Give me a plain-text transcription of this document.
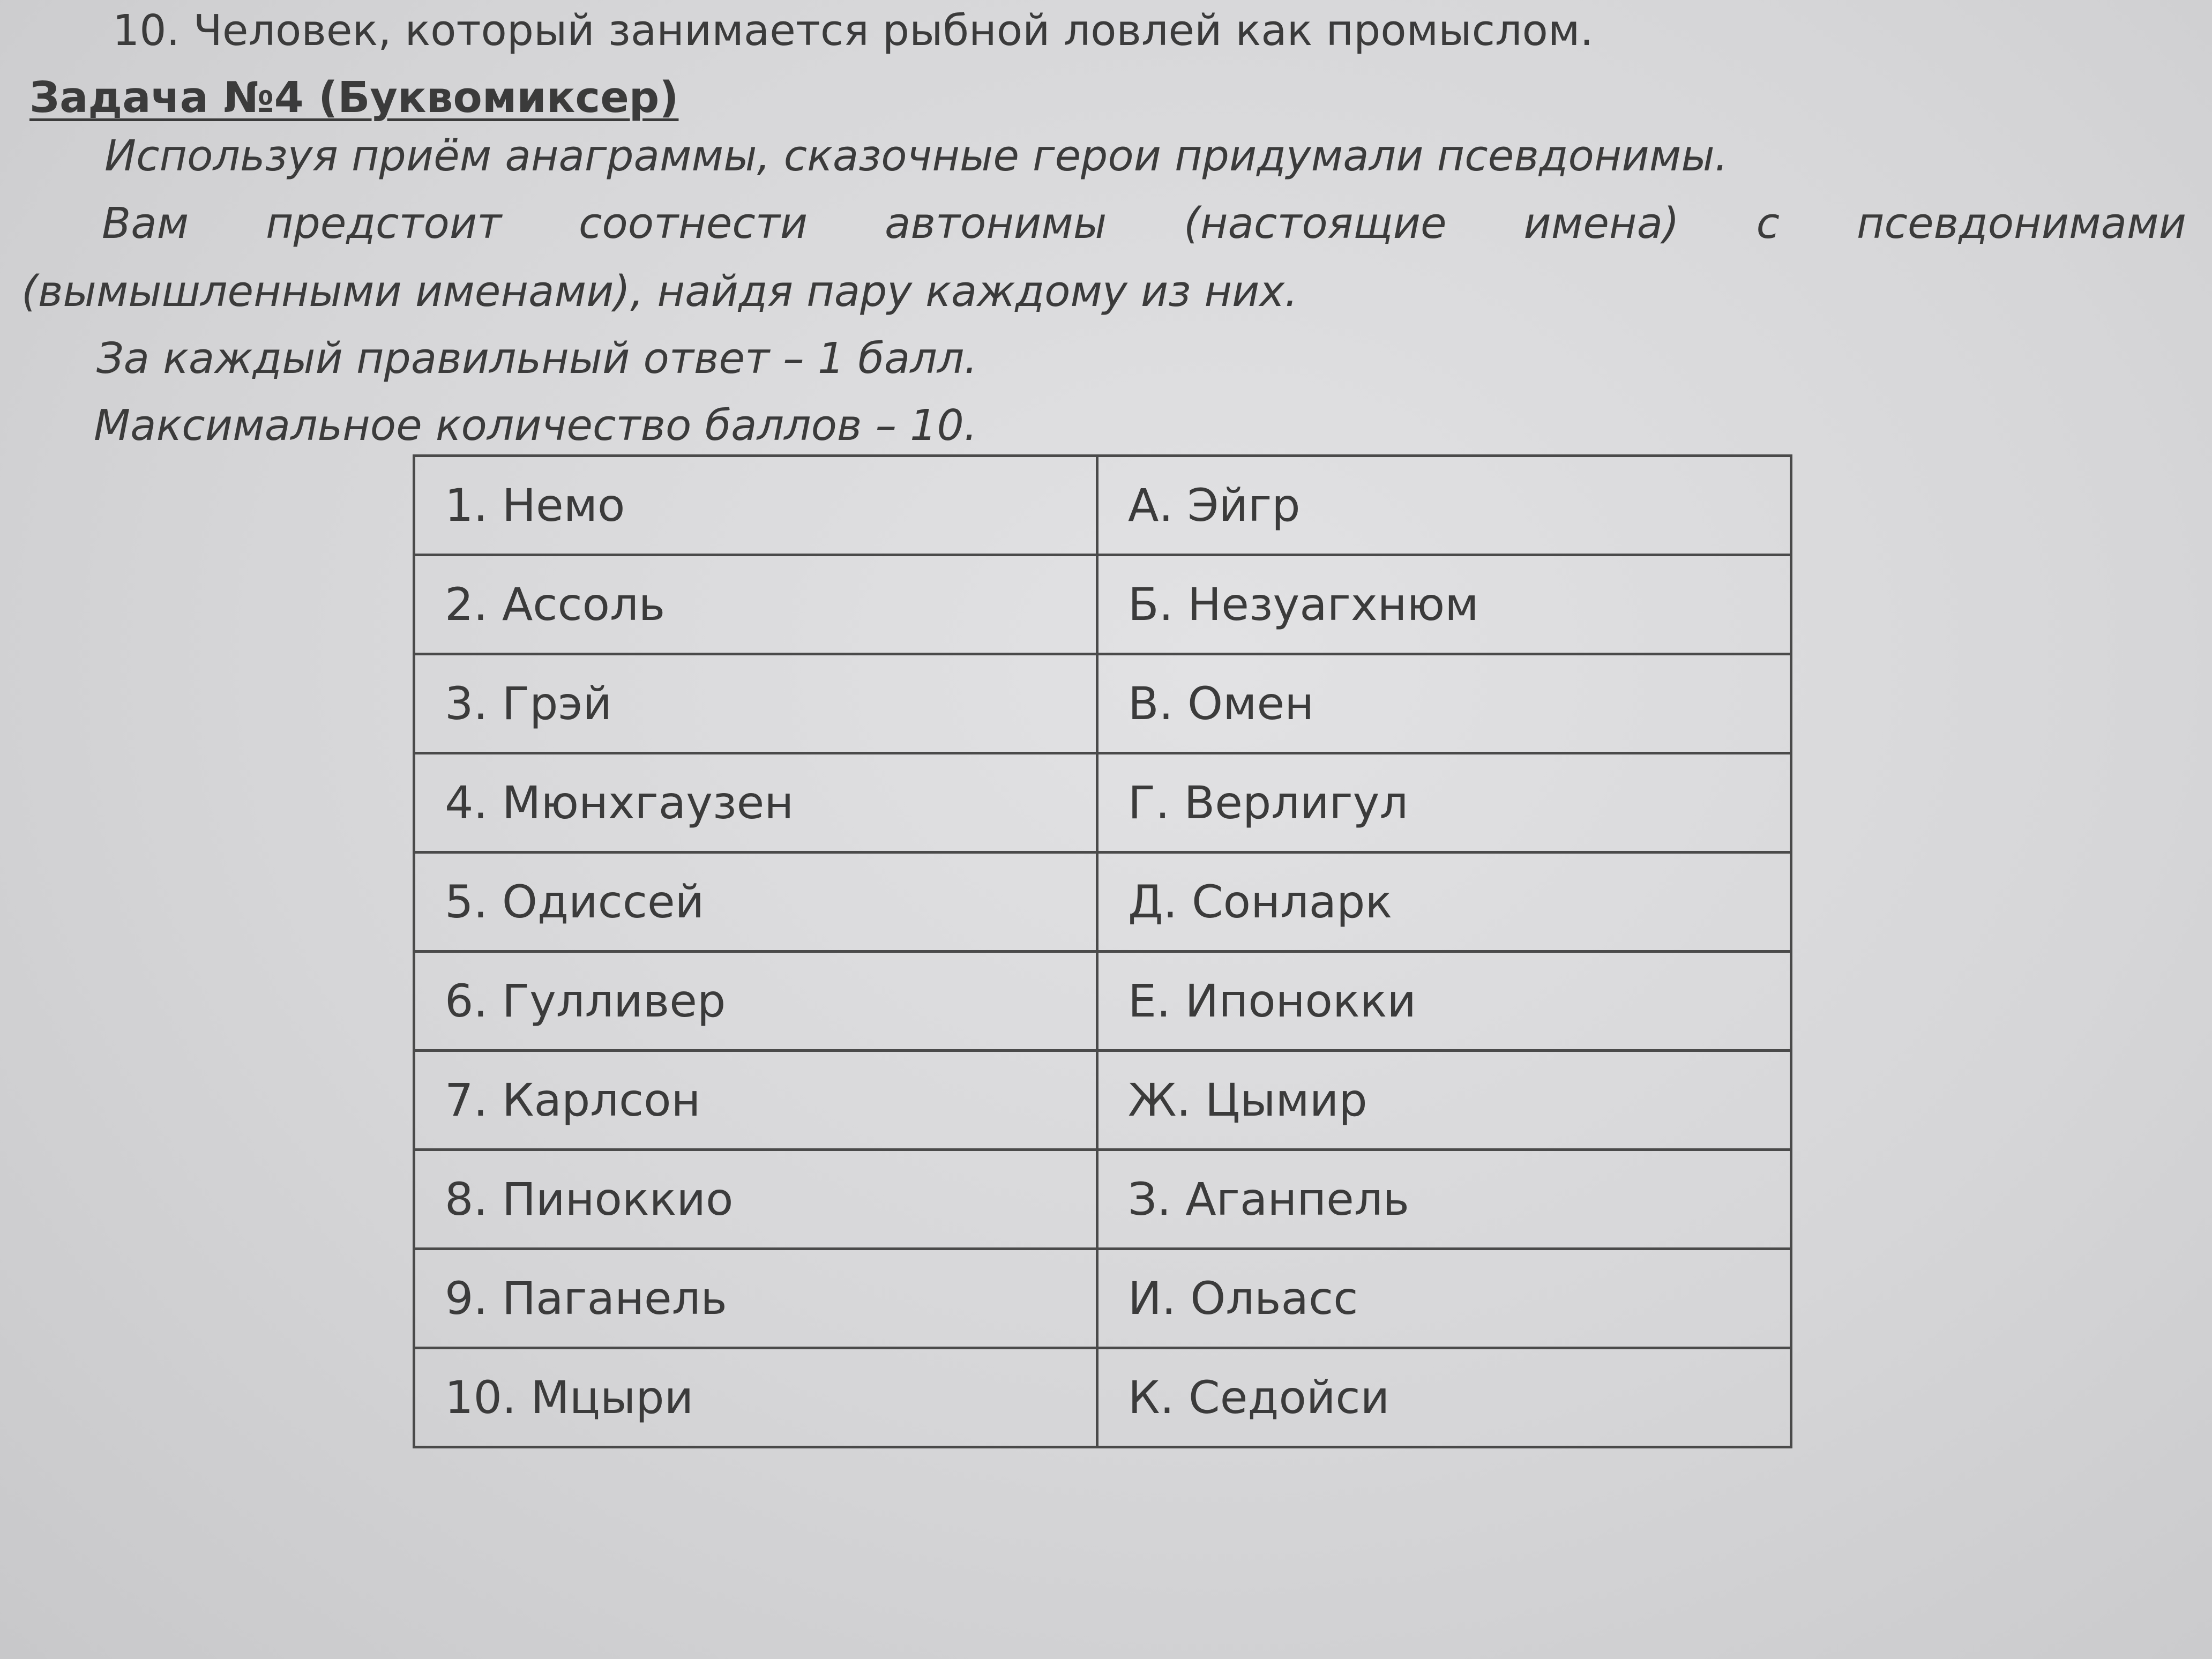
10. Человек, который занимается рыбной ловлей как промыслом.
Задача №4 (Буквомиксер)
Используя приём анаграммы, сказочные герои придумали псевдонимы.
Вам предстоит соотнести автонимы (настоящие имена) с псевдонимами
(вымышленными именами), найдя пару каждому из них.
За каждый правильный ответ – 1 балл.
Максимальное количество баллов – 10.
1. Немо	А. Эйгр
2. Ассоль	Б. Незуагхнюм
3. Грэй	В. Омен
4. Мюнхгаузен	Г. Верлигул
5. Одиссей	Д. Сонларк
6. Гулливер	Е. Ипонокки
7. Карлсон	Ж. Цымир
8. Пиноккио	З. Аганпель
9. Паганель	И. Ольасс
10. Мцыри	К. Седойси
